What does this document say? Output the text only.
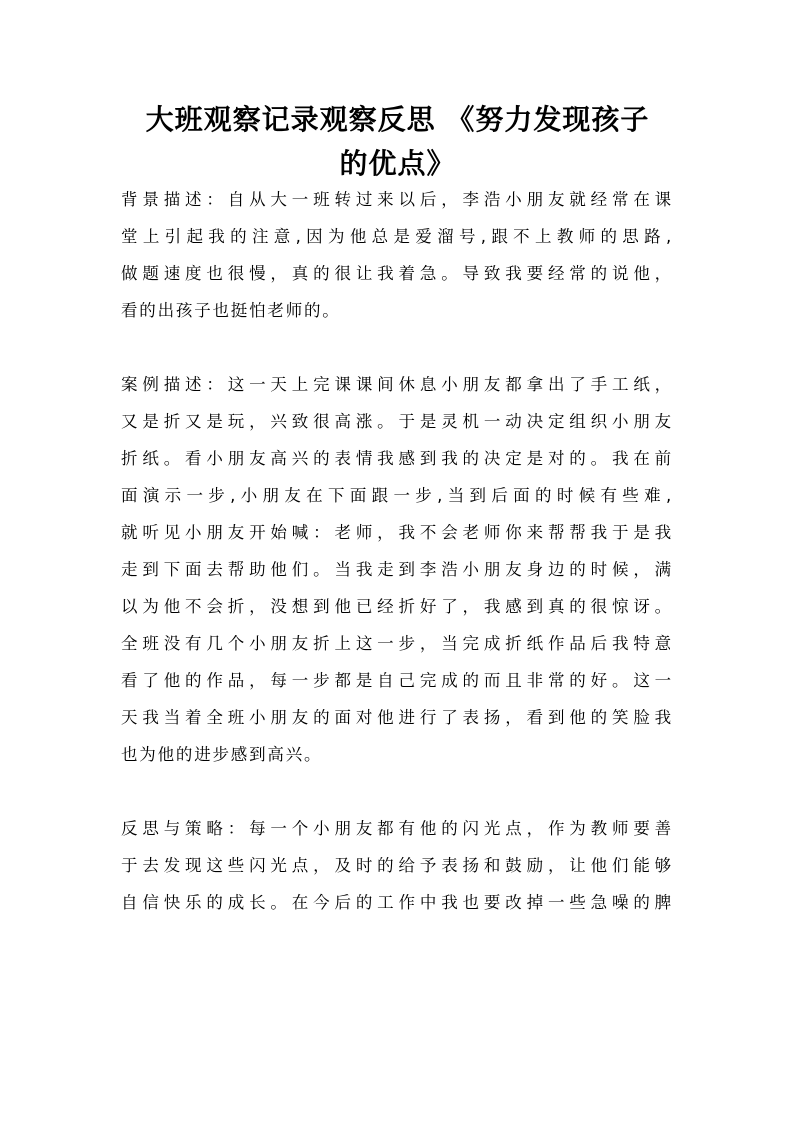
大班观察记录观察反思 《努力发现孩子
的优点》

背景描述：自从大一班转过来以后，李浩小朋友就经常在课
堂上引起我的注意,因为他总是爱溜号,跟不上教师的思路,
做题速度也很慢，真的很让我着急。导致我要经常的说他，
看的出孩子也挺怕老师的。

案例描述：这一天上完课课间休息小朋友都拿出了手工纸，
又是折又是玩，兴致很高涨。于是灵机一动决定组织小朋友
折纸。看小朋友高兴的表情我感到我的决定是对的。我在前
面演示一步,小朋友在下面跟一步,当到后面的时候有些难,
就听见小朋友开始喊：老师，我不会老师你来帮帮我于是我
走到下面去帮助他们。当我走到李浩小朋友身边的时候，满
以为他不会折，没想到他已经折好了，我感到真的很惊讶。
全班没有几个小朋友折上这一步，当完成折纸作品后我特意
看了他的作品，每一步都是自己完成的而且非常的好。这一
天我当着全班小朋友的面对他进行了表扬，看到他的笑脸我
也为他的进步感到高兴。

反思与策略：每一个小朋友都有他的闪光点，作为教师要善
于去发现这些闪光点，及时的给予表扬和鼓励，让他们能够
自信快乐的成长。在今后的工作中我也要改掉一些急噪的脾
